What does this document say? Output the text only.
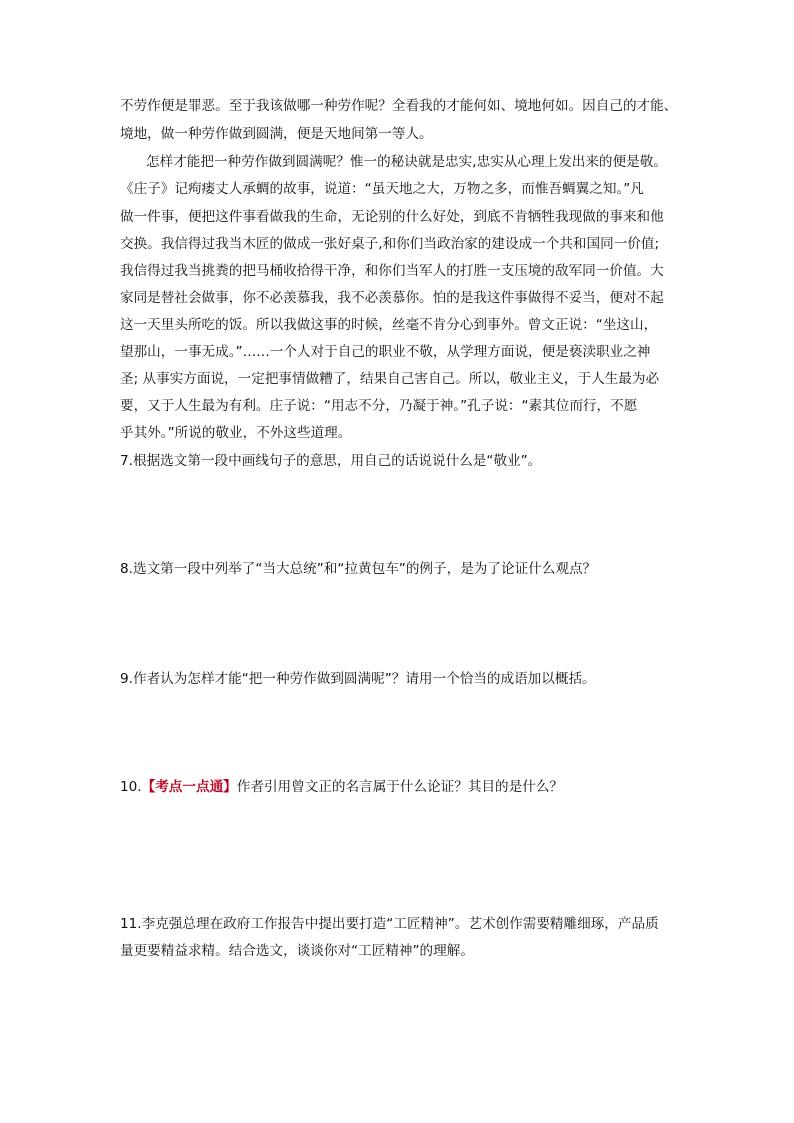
不劳作便是罪恶。至于我该做哪一种劳作呢？全看我的才能何如、境地何如。因自己的才能、
境地，做一种劳作做到圆满，便是天地间第一等人。
怎样才能把一种劳作做到圆满呢？惟一的秘诀就是忠实,忠实从心理上发出来的便是敬。
《庄子》记痀瘘丈人承蜩的故事，说道：“虽天地之大，万物之多，而惟吾蜩翼之知。”凡
做一件事，便把这件事看做我的生命，无论别的什么好处，到底不肯牺牲我现做的事来和他
交换。我信得过我当木匠的做成一张好桌子,和你们当政治家的建设成一个共和国同一价值;
我信得过我当挑粪的把马桶收拾得干净，和你们当军人的打胜一支压境的敌军同一价值。大
家同是替社会做事，你不必羡慕我，我不必羡慕你。怕的是我这件事做得不妥当，便对不起
这一天里头所吃的饭。所以我做这事的时候，丝毫不肯分心到事外。曾文正说：“坐这山，
望那山，一事无成。”……一个人对于自己的职业不敬，从学理方面说，便是亵渎职业之神
圣; 从事实方面说，一定把事情做糟了，结果自己害自己。所以，敬业主义，于人生最为必
要，又于人生最为有利。庄子说：“用志不分，乃凝于神。”孔子说：“素其位而行，不愿
乎其外。”所说的敬业，不外这些道理。
7.根据选文第一段中画线句子的意思，用自己的话说说什么是“敬业”。
8.选文第一段中列举了“当大总统”和“拉黄包车”的例子，是为了论证什么观点？
9.作者认为怎样才能“把一种劳作做到圆满呢”？请用一个恰当的成语加以概括。
10.【考点一点通】作者引用曾文正的名言属于什么论证？其目的是什么？
11.李克强总理在政府工作报告中提出要打造“工匠精神”。艺术创作需要精雕细琢，产品质
量更要精益求精。结合选文，谈谈你对“工匠精神”的理解。
